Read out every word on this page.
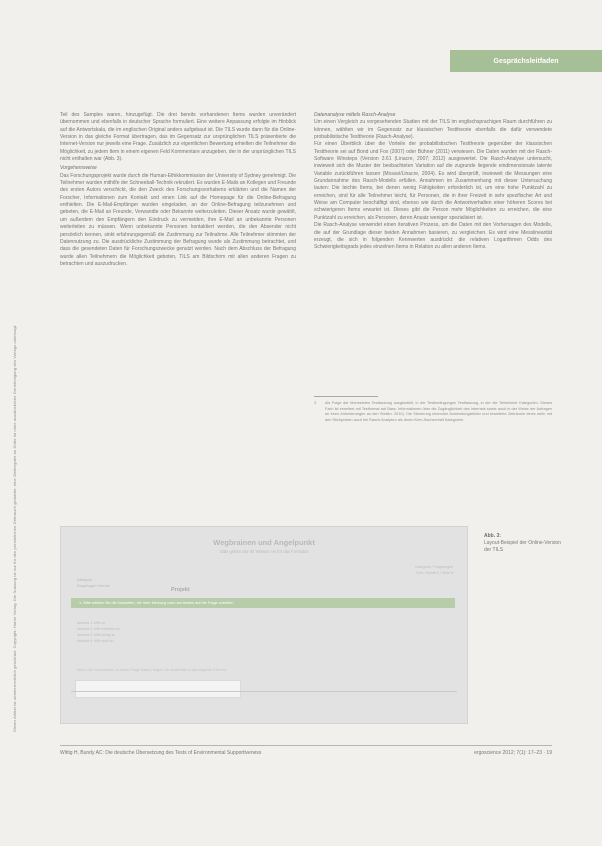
Gesprächsleitfaden
Dieser Artikel ist urheberrechtlich geschützt. Copyright: Huber Verlag. Die Nutzung ist nur für den persönlichen Gebrauch gestattet, eine Weitergabe an Dritte ist ohne ausdrückliche Genehmigung des Verlags untersagt.

Teil des Samples waren, hinzugefügt. Die drei bereits vorhandenen Items wurden unverändert übernommen und ebenfalls in deutscher Sprache formuliert. Eine weitere Anpassung erfolgte im Hinblick auf die Antwortskala, die im englischen Original anders aufgebaut ist. Die TILS wurde dann für die Online-Version in das gleiche Format übertragen, das im Gegensatz zur ursprünglichen TILS präsentierte die Internet-Version nur jeweils eine Frage. Zusätzlich zur eigentlichen Bewertung erhielten die Teilnehmer die Möglichkeit, zu jedem Item in einem eigenen Feld Kommentare anzugeben, der in der ursprünglichen TILS nicht enthalten war (Abb. 3).

Vorgehensweise

Das Forschungsprojekt wurde durch die Human-Ethikkommission der University of Sydney genehmigt. Die Teilnehmer wurden mithilfe der Schneeball-Technik rekrutiert. Es wurden E-Mails an Kollegen und Freunde des ersten Autors verschickt, die den Zweck des Forschungsvorhabens erklärten und die Namen der Forscher, Informationen zum Kontakt und einen Link auf die Homepage für die Online-Befragung enthielten. Die E-Mail-Empfänger wurden eingeladen, an der Online-Befragung teilzunehmen und gebeten, die E-Mail an Freunde, Verwandte oder Bekannte weiterzuleiten. Dieser Ansatz wurde gewählt, um außerdem den Empfängern den Eindruck zu vermeiden, ihre E-Mail an unbekannte Personen weiterleiten zu müssen. Wenn unbekannte Personen kontaktiert werden, die den Absender nicht persönlich kennen, sinkt erfahrungsgemäß die Zustimmung zur Teilnahme. Alle Teilnehmer stimmten der Datennutzung zu. Die ausdrückliche Zustimmung der Befragung wurde als Zustimmung betrachtet, und dass die gesendeten Daten für Forschungszwecke genutzt werden. Nach dem Abschluss der Befragung wurde allen Teilnehmern die Möglichkeit geboten, TILS am Bildschirm mit allen anderen Fragen zu betrachten und auszudrucken.

Datenanalyse mittels Rasch-Analyse

Um einen Vergleich zu vorgesehenden Studien mit der TILS im englischsprachigen Raum durchführen zu können, wählten wir im Gegensatz zur klassischen Testtheorie ebenfalls die dafür verwendete probabilistische Testtheorie (Rasch-Analyse).

Für einen Überblick über die Vorteile der probabilistischen Testtheorie gegenüber der klassischen Testtheorie sei auf Bond und Fox (2007) oder Bühner (2011) verwiesen. Die Daten wurden mit der Rasch-Software Winsteps (Version 3.61 (Linacre, 2007; 2012) ausgewertet. Die Rasch-Analyse untersucht, inwieweit sich die Muster der beobachteten Variation auf die zugrunde liegende eindimensionale latente Variable zurückführen lassen (Mosavi/Linacre, 2004). Es wird überprüft, inwieweit die Messungen eine Grundannahme des Rasch-Modells erfüllen. Annahmen im Zusammenhang mit dieser Untersuchung lauten: Die leichte Items, bei denen wenig Fähigkeiten erforderlich ist, um eine hohe Punktzahl zu erreichen, sind für alle Teilnehmer leicht, für Personen, die in ihrer Freizeit in sehr spezifischer Art und Weise am Computer beschäftigt sind, ebenso wie durch die Antwortverhalten einer höheren Scores bei schwierigeren Items erwartet ist. Dieses gibt die Person mehr Möglichkeiten zu erreichen, die eine Punktzahl zu erreichen, als Personen, deren Ansatz weniger spezialisiert ist.

Die Rasch-Analyse verwendet einen iterativen Prozess, um die Daten mit den Vorhersagen des Modells, die auf der Grundlage dieser beiden Annahmen basieren, zu vergleichen. Es wird eine Messlinearität erzeugt, die sich in folgenden Kennwerten ausdrückt: die relativen Logarithmen Odds des Schwierigkeitsgrads jedes einzelnen Items in Relation zu allen anderen Items.

3	Als Folge der übersetzten Testfassung ausgewählt, in der Testbedingungen Testfassung, in der die Teilnehmer Kategorien. Dieses Fach ist erweitert mit Testformat auf Bass. Informationen über die Zugänglichkeit des Internets sowie auch in der Weise der Anfragen an ihren Anforderungen an den Stellen. 2010). Die Steuerung sinnvoller Anwendungsfelder und erweiterte Zeiträume eines mehr mit den Stichproben auch bei Rasch-Analysen als deren Kern-Sachverhalt Kategorien.
Wegbrainen und Angelpunkt
Bitte geben Sie Ihr Wissen ein für das Formular
Kategorie / Fragebogen
Feld / Schritt 3 / Seite 8
Kategorie
Fragebogen Internet
Projekt
1. Bitte wählen Sie die Antworten, die Ihrer Meinung nach am besten auf die Frage zutreffen
Antwort 1: trifft zu
Antwort 2: trifft teilweise zu
Antwort 3: trifft wenig zu
Antwort 4: trifft nicht zu
Wenn Sie Kommentare zu dieser Frage haben, tragen Sie diese bitte in das folgende Feld ein:
Abb. 3:
Layout-Beispiel der Online-Version der TILS
Wittig H, Bundy AC: Die deutsche Übersetzung des Tests of Environmental Supportiveness	ergoscience 2012; 7(1): 17–23 · 19
